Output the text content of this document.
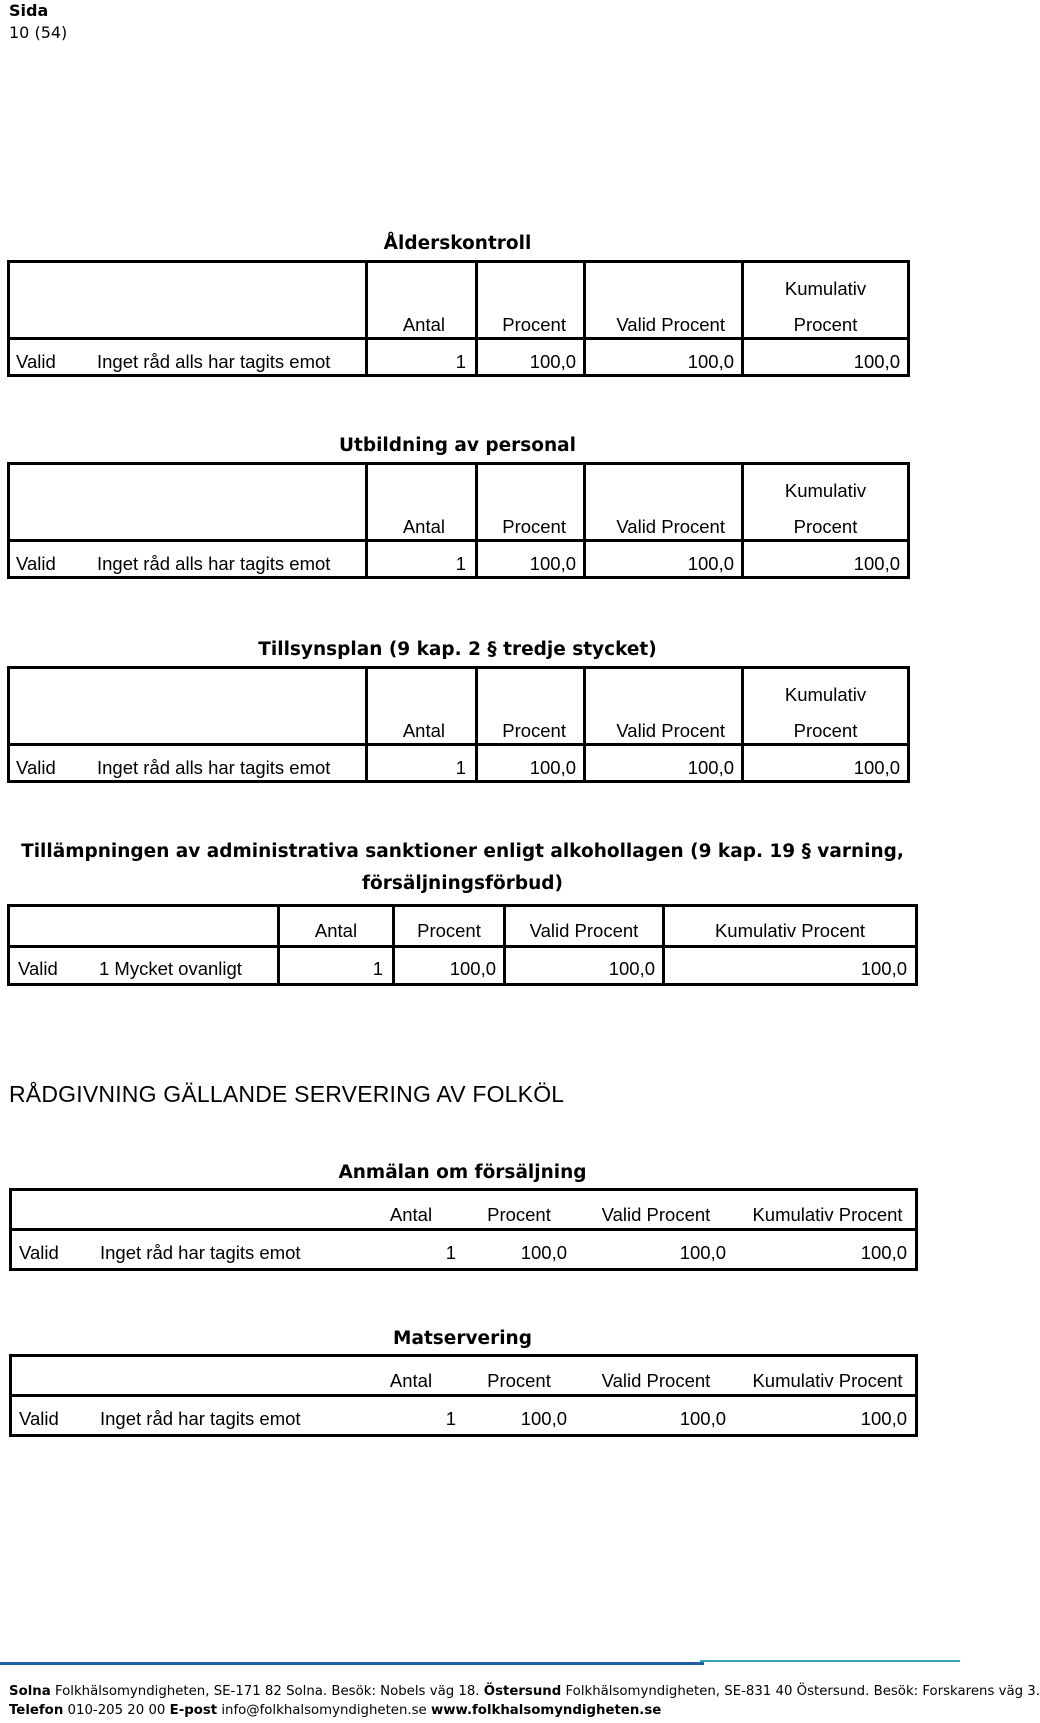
Sida
10 (54)
Ålderskontroll
Kumulativ
Antal	Procent	Valid Procent	Procent
Valid Inget råd alls har tagits emot	1	100,0	100,0	100,0
Utbildning av personal
Kumulativ
Antal	Procent	Valid Procent	Procent
Valid Inget råd alls har tagits emot	1	100,0	100,0	100,0
Tillsynsplan (9 kap. 2 § tredje stycket)
Kumulativ
Antal	Procent	Valid Procent	Procent
Valid Inget råd alls har tagits emot	1	100,0	100,0	100,0
Tillämpningen av administrativa sanktioner enligt alkohollagen (9 kap. 19 § varning,
försäljningsförbud)
Antal	Procent	Valid Procent	Kumulativ Procent
Valid 1 Mycket ovanligt	1	100,0	100,0	100,0
RÅDGIVNING GÄLLANDE SERVERING AV FOLKÖL
Anmälan om försäljning
Antal	Procent	Valid Procent	Kumulativ Procent
Valid Inget råd har tagits emot	1	100,0	100,0	100,0
Matservering
Antal	Procent	Valid Procent	Kumulativ Procent
Valid Inget råd har tagits emot	1	100,0	100,0	100,0
Solna Folkhälsomyndigheten, SE-171 82 Solna. Besök: Nobels väg 18. Östersund Folkhälsomyndigheten, SE-831 40 Östersund. Besök: Forskarens väg 3.
Telefon 010-205 20 00 E-post info@folkhalsomyndigheten.se www.folkhalsomyndigheten.se
